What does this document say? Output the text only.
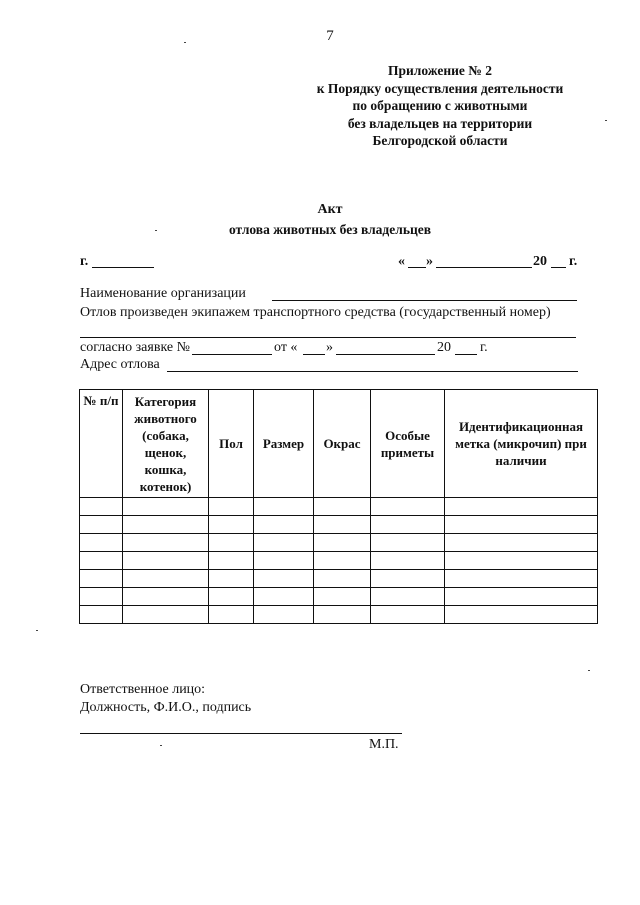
7
Приложение № 2
к Порядку осуществления деятельности
по обращению с животными
без владельцев на территории
Белгородской области
Акт
отлова животных без владельцев
г.	« »	20 г.
Наименование организации
Отлов произведен экипажем транспортного средства (государственный номер)
согласно заявке №	от « »	20 г.
Адрес отлова
№ п/п	Категория животного (собака, щенок, кошка, котенок)	Пол	Размер	Окрас	Особые приметы	Идентификационная метка (микрочип) при наличии

Ответственное лицо:
Должность, Ф.И.О., подпись
М.П.
